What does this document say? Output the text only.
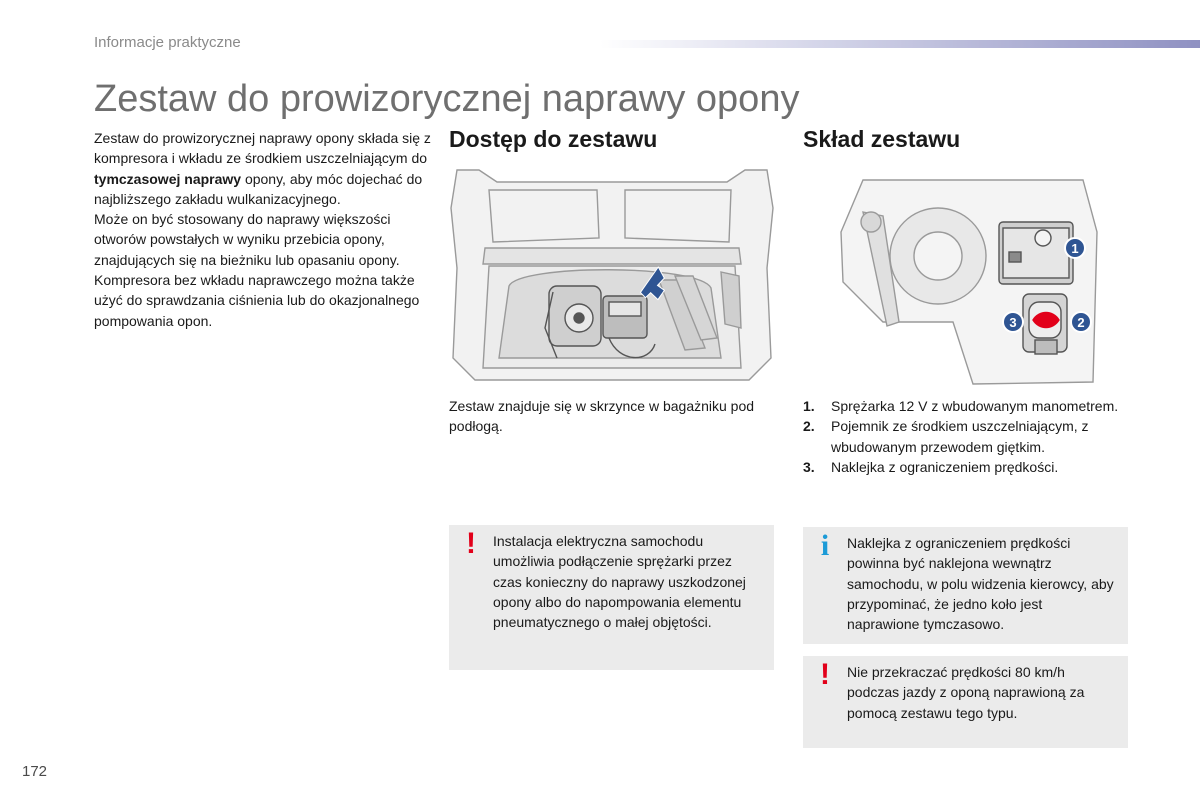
Informacje praktyczne
Zestaw do prowizorycznej naprawy opony

Zestaw do prowizorycznej naprawy opony składa się z kompresora i wkładu ze środkiem uszczelniającym do tymczasowej naprawy opony, aby móc dojechać do najbliższego zakładu wulkanizacyjnego.

Może on być stosowany do naprawy większości otworów powstałych w wyniku przebicia opony, znajdujących się na bieżniku lub opasaniu opony.

Kompresora bez wkładu naprawczego można także użyć do sprawdzania ciśnienia lub do okazjonalnego pompowania opon.

Dostęp do zestawu	Skład zestawu
1
2
3
Zestaw znajduje się w skrzynce w bagażniku pod podłogą.
1.	Sprężarka 12 V z wbudowanym manometrem.
2.	Pojemnik ze środkiem uszczelniającym, z wbudowanym przewodem giętkim.
3.	Naklejka z ograniczeniem prędkości.
!	Instalacja elektryczna samochodu umożliwia podłączenie sprężarki przez czas konieczny do naprawy uszkodzonej opony albo do napompowania elementu pneumatycznego o małej objętości.

i	Naklejka z ograniczeniem prędkości powinna być naklejona wewnątrz samochodu, w polu widzenia kierowcy, aby przypominać, że jedno koło jest naprawione tymczasowo.

!	Nie przekraczać prędkości 80 km/h podczas jazdy z oponą naprawioną za pomocą zestawu tego typu.

172
